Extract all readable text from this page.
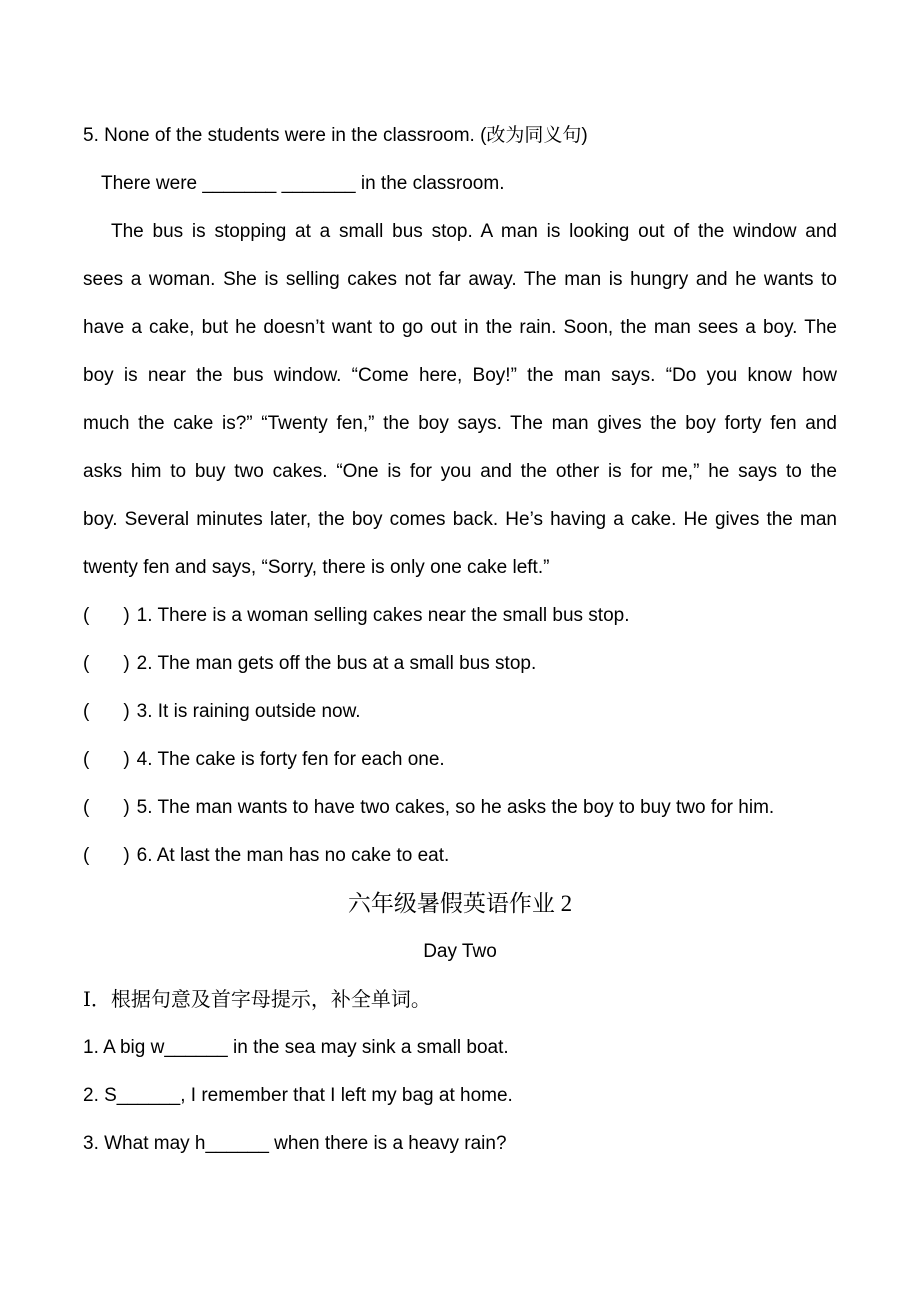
5. None of the students were in the classroom. (改为同义句)
There were _______ _______ in the classroom.
The bus is stopping at a small bus stop. A man is looking out of the window and
sees a woman. She is selling cakes not far away. The man is hungry and he wants to
have a cake, but he doesn’t want to go out in the rain. Soon, the man sees a boy. The
boy is near the bus window. “Come here, Boy!” the man says. “Do you know how
much the cake is?” “Twenty fen,” the boy says. The man gives the boy forty fen and
asks him to buy two cakes. “One is for you and the other is for me,” he says to the
boy. Several minutes later, the boy comes back. He’s having a cake. He gives the man
twenty fen and says, “Sorry, there is only one cake left.”
( ) 1. There is a woman selling cakes near the small bus stop.
( ) 2. The man gets off the bus at a small bus stop.
( ) 3. It is raining outside now.
( ) 4. The cake is forty fen for each one.
( ) 5. The man wants to have two cakes, so he asks the boy to buy two for him.
( ) 6. At last the man has no cake to eat.
六年级暑假英语作业 2
Day Two
Ⅰ．根据句意及首字母提示，补全单词。
1. A big w______ in the sea may sink a small boat.
2. S______, I remember that I left my bag at home.
3. What may h______ when there is a heavy rain?
